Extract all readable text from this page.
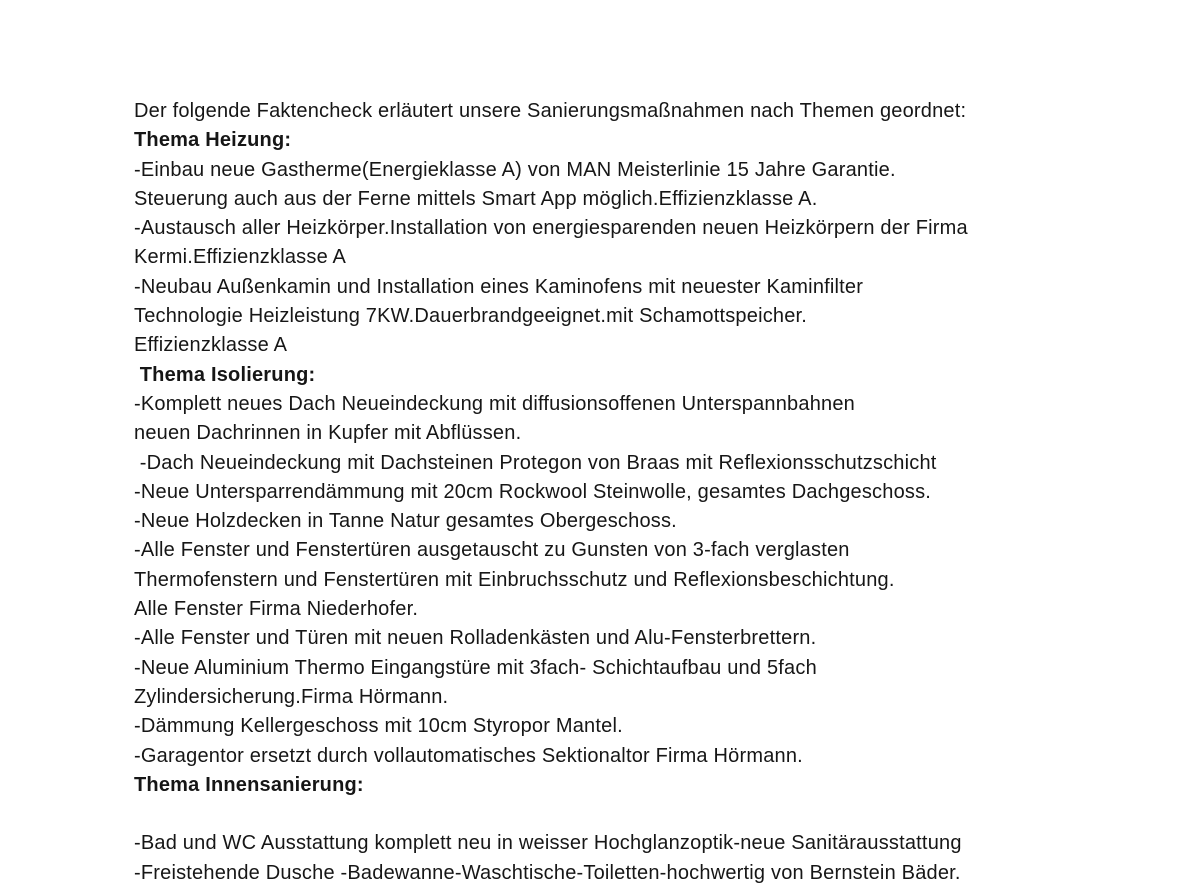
Der folgende Faktencheck erläutert unsere Sanierungsmaßnahmen nach Themen geordnet:
Thema Heizung:
-Einbau neue Gastherme(Energieklasse A) von MAN Meisterlinie 15 Jahre Garantie.
Steuerung auch aus der Ferne mittels Smart App möglich.Effizienzklasse A.
-Austausch aller Heizkörper.Installation von energiesparenden neuen Heizkörpern der Firma
Kermi.Effizienzklasse A
-Neubau Außenkamin und Installation eines Kaminofens mit neuester Kaminfilter
Technologie Heizleistung 7KW.Dauerbrandgeeignet.mit Schamottspeicher.
Effizienzklasse A
Thema Isolierung:
-Komplett neues Dach Neueindeckung mit diffusionsoffenen Unterspannbahnen
neuen Dachrinnen in Kupfer mit Abflüssen.
-Dach Neueindeckung mit Dachsteinen Protegon von Braas mit Reflexionsschutzschicht
-Neue Untersparrendämmung mit 20cm Rockwool Steinwolle, gesamtes Dachgeschoss.
-Neue Holzdecken in Tanne Natur gesamtes Obergeschoss.
-Alle Fenster und Fenstertüren ausgetauscht zu Gunsten von 3-fach verglasten
Thermofenstern und Fenstertüren mit Einbruchsschutz und Reflexionsbeschichtung.
Alle Fenster Firma Niederhofer.
-Alle Fenster und Türen mit neuen Rolladenkästen und Alu-Fensterbrettern.
-Neue Aluminium Thermo Eingangstüre mit 3fach- Schichtaufbau und 5fach
Zylindersicherung.Firma Hörmann.
-Dämmung Kellergeschoss mit 10cm Styropor Mantel.
-Garagentor ersetzt durch vollautomatisches Sektionaltor Firma Hörmann.
Thema Innensanierung:

-Bad und WC Ausstattung komplett neu in weisser Hochglanzoptik-neue Sanitärausstattung
-Freistehende Dusche -Badewanne-Waschtische-Toiletten-hochwertig von Bernstein Bäder.
